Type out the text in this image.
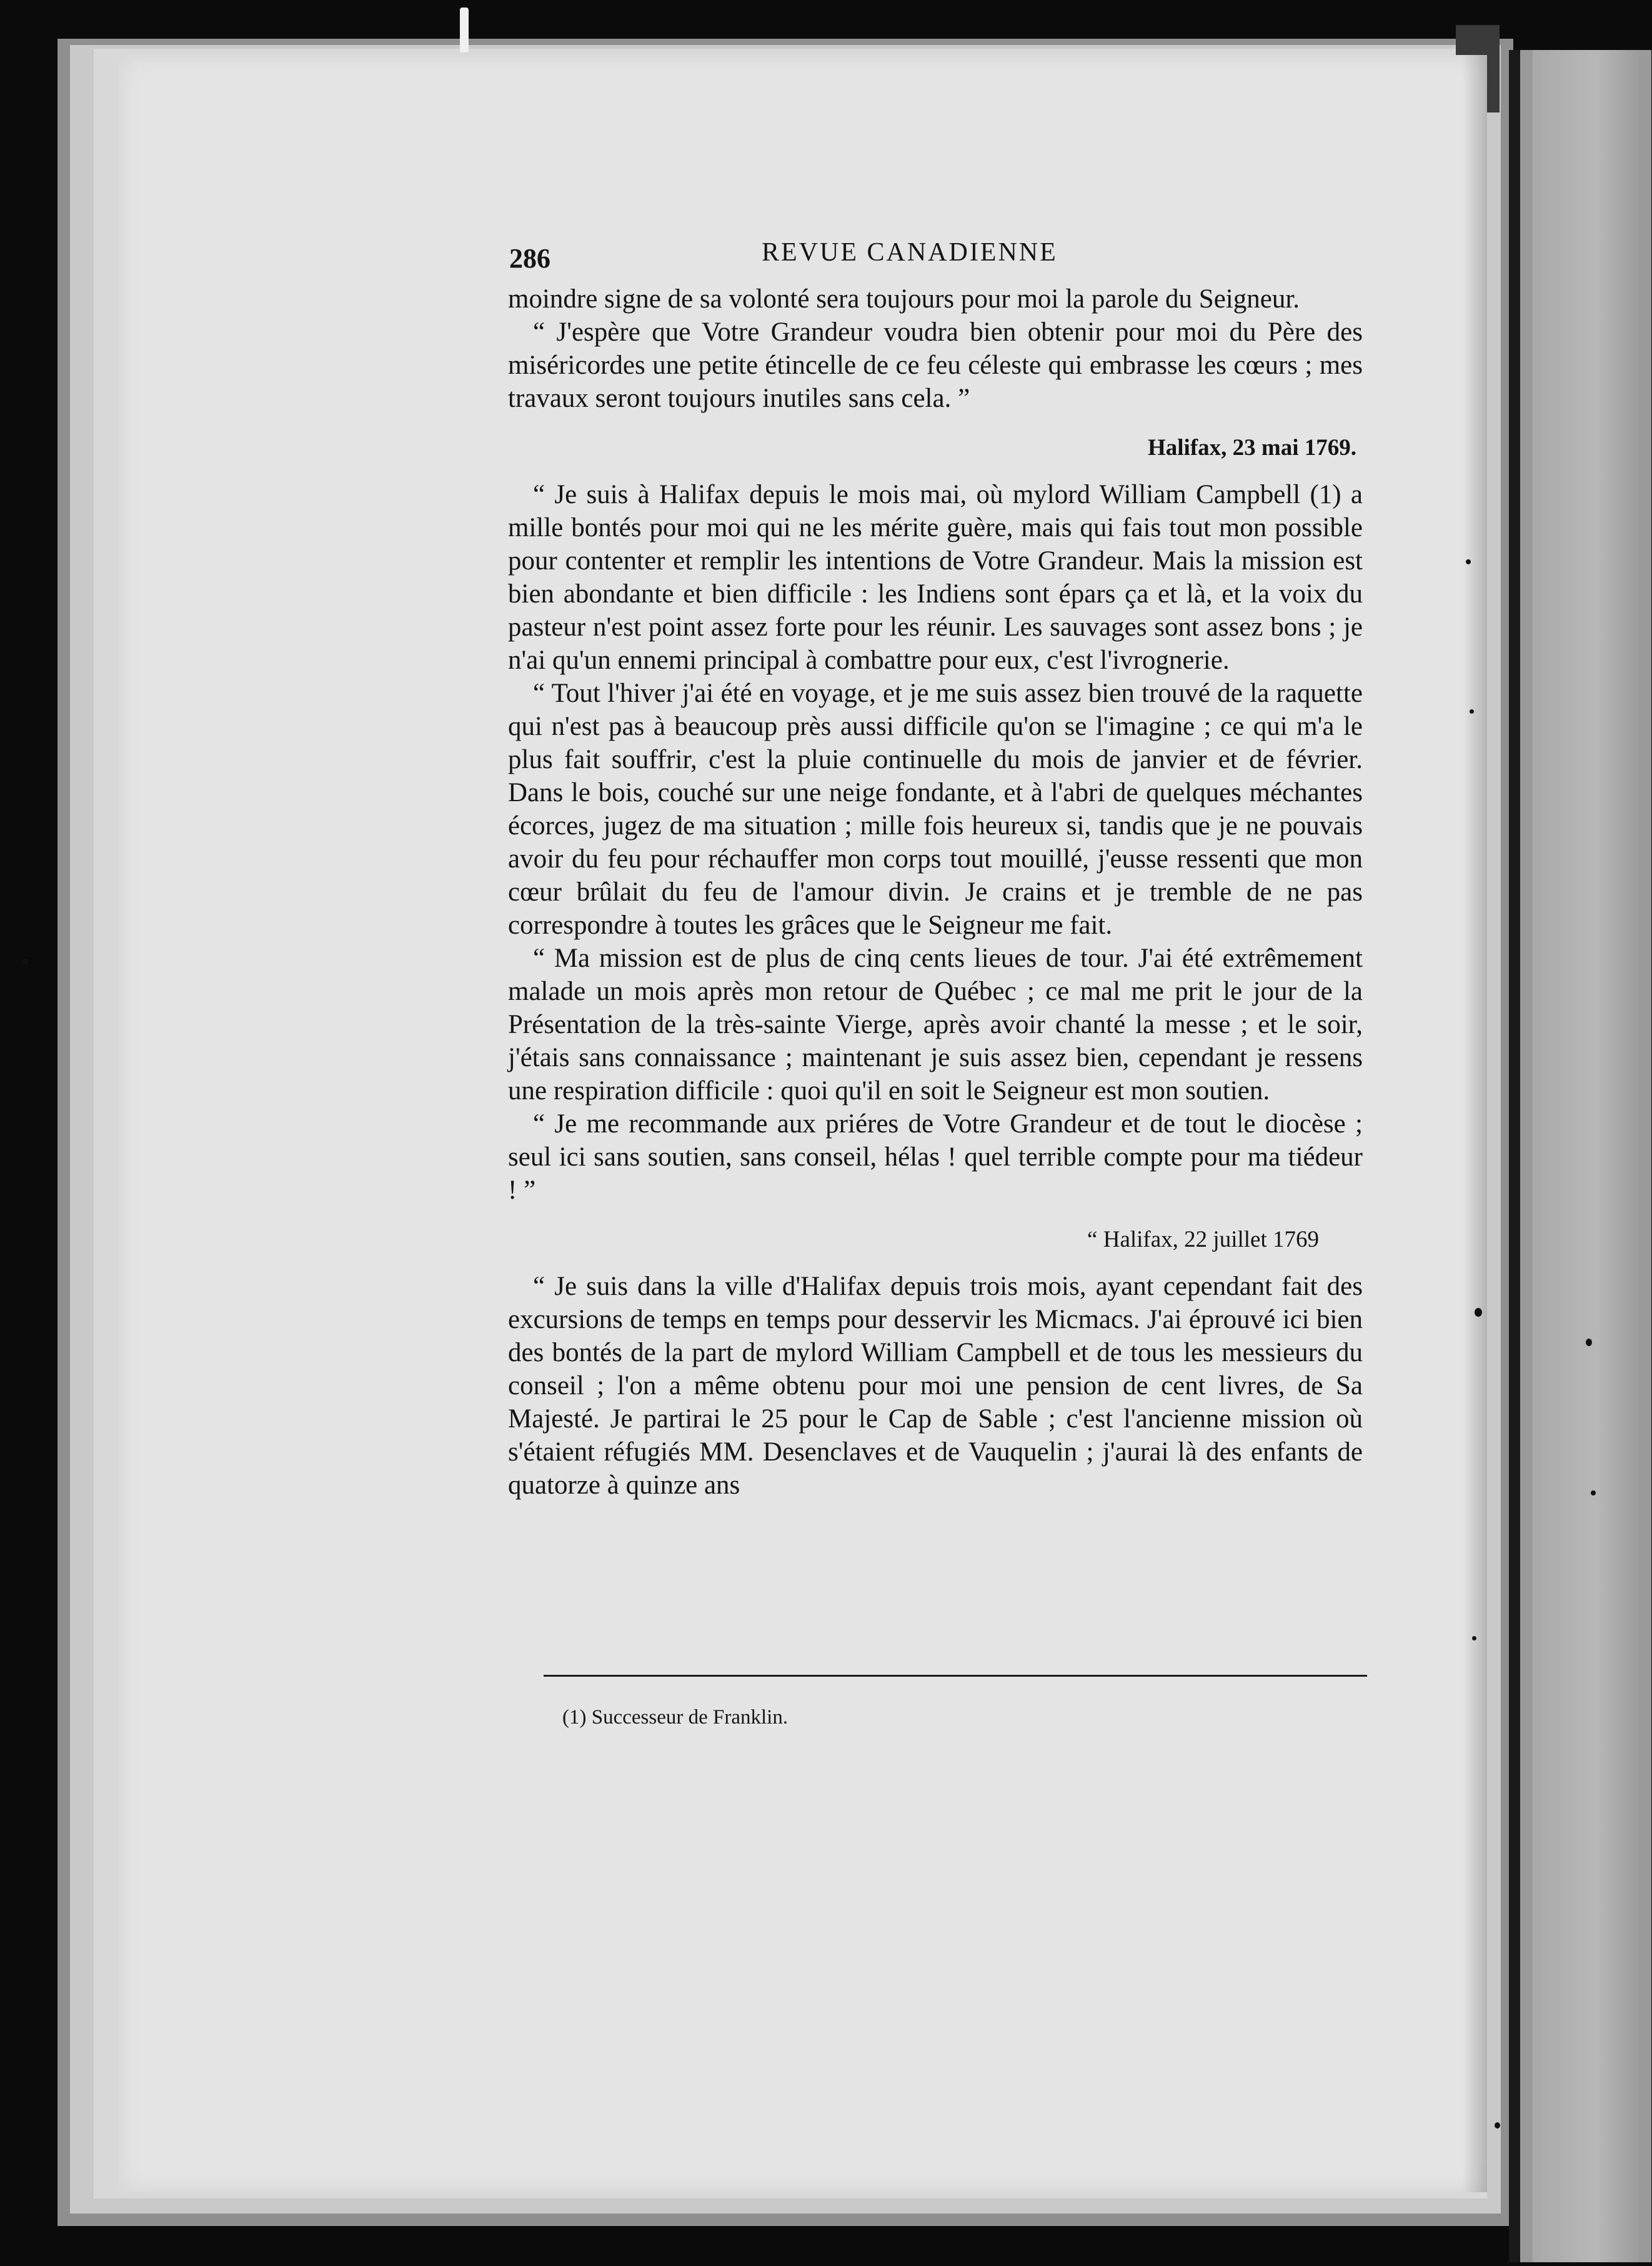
286	REVUE CANADIENNE

moindre signe de sa volonté sera toujours pour moi la parole du Seigneur.

“ J'espère que Votre Grandeur voudra bien obtenir pour moi du Père des miséricordes une petite étincelle de ce feu céleste qui embrasse les cœurs ; mes travaux seront toujours inutiles sans cela. ”

Halifax, 23 mai 1769.

“ Je suis à Halifax depuis le mois mai, où mylord William Campbell (1) a mille bontés pour moi qui ne les mérite guère, mais qui fais tout mon possible pour contenter et remplir les intentions de Votre Grandeur. Mais la mission est bien abondante et bien difficile : les Indiens sont épars ça et là, et la voix du pasteur n'est point assez forte pour les réunir. Les sauvages sont assez bons ; je n'ai qu'un ennemi principal à combattre pour eux, c'est l'ivrognerie.

“ Tout l'hiver j'ai été en voyage, et je me suis assez bien trouvé de la raquette qui n'est pas à beaucoup près aussi difficile qu'on se l'imagine ; ce qui m'a le plus fait souffrir, c'est la pluie continuelle du mois de janvier et de février. Dans le bois, couché sur une neige fondante, et à l'abri de quelques méchantes écorces, jugez de ma situation ; mille fois heureux si, tandis que je ne pouvais avoir du feu pour réchauffer mon corps tout mouillé, j'eusse ressenti que mon cœur brûlait du feu de l'amour divin. Je crains et je tremble de ne pas correspondre à toutes les grâces que le Seigneur me fait.

“ Ma mission est de plus de cinq cents lieues de tour. J'ai été extrêmement malade un mois après mon retour de Québec ; ce mal me prit le jour de la Présentation de la très-sainte Vierge, après avoir chanté la messe ; et le soir, j'étais sans connaissance ; maintenant je suis assez bien, cependant je ressens une respiration difficile : quoi qu'il en soit le Seigneur est mon soutien.

“ Je me recommande aux priéres de Votre Grandeur et de tout le diocèse ; seul ici sans soutien, sans conseil, hélas ! quel terrible compte pour ma tiédeur ! ”

“ Halifax, 22 juillet 1769

“ Je suis dans la ville d'Halifax depuis trois mois, ayant cependant fait des excursions de temps en temps pour desservir les Micmacs. J'ai éprouvé ici bien des bontés de la part de mylord William Campbell et de tous les messieurs du conseil ; l'on a même obtenu pour moi une pension de cent livres, de Sa Majesté. Je partirai le 25 pour le Cap de Sable ; c'est l'ancienne mission où s'étaient réfugiés MM. Desenclaves et de Vauquelin ; j'aurai là des enfants de quatorze à quinze ans

(1) Successeur de Franklin.
